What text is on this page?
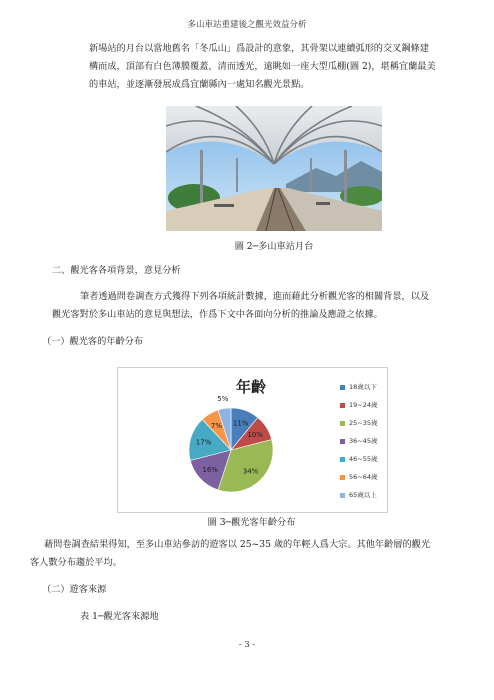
多山車站重建後之觀光效益分析
新場站的月台以當地舊名「冬瓜山」爲設計的意象，其骨架以連續弧形的交叉鋼條建
構而成，頂部有白色薄膜覆蓋，清而透光，遠眺如一座大型瓜棚(圖 2)，堪稱宜蘭最美
的車站，並逐漸發展成爲宜蘭縣內一處知名觀光景點。
圖 2─多山車站月台
二、觀光客各項背景，意見分析
筆者透過問卷調查方式獲得下列各項統計數據，進而藉此分析觀光客的相關背景，以及
觀光客對於多山車站的意見與想法，作爲下文中各面向分析的推論及應證之依據。
（一）觀光客的年齡分布
年齡
11%
10%
34%
16%
17%
7%
5%
18歲以下
19~24歲
25~35歲
36~45歲
46~55歲
56~64歲
65歲以上
圖 3─觀光客年齡分布
藉問卷調查結果得知，至多山車站參訪的遊客以 25~35 歲的年輕人爲大宗。其他年齡層的觀光
客人數分布趨於平均。
（二）遊客來源
表 1─觀光客來源地
- 3 -
